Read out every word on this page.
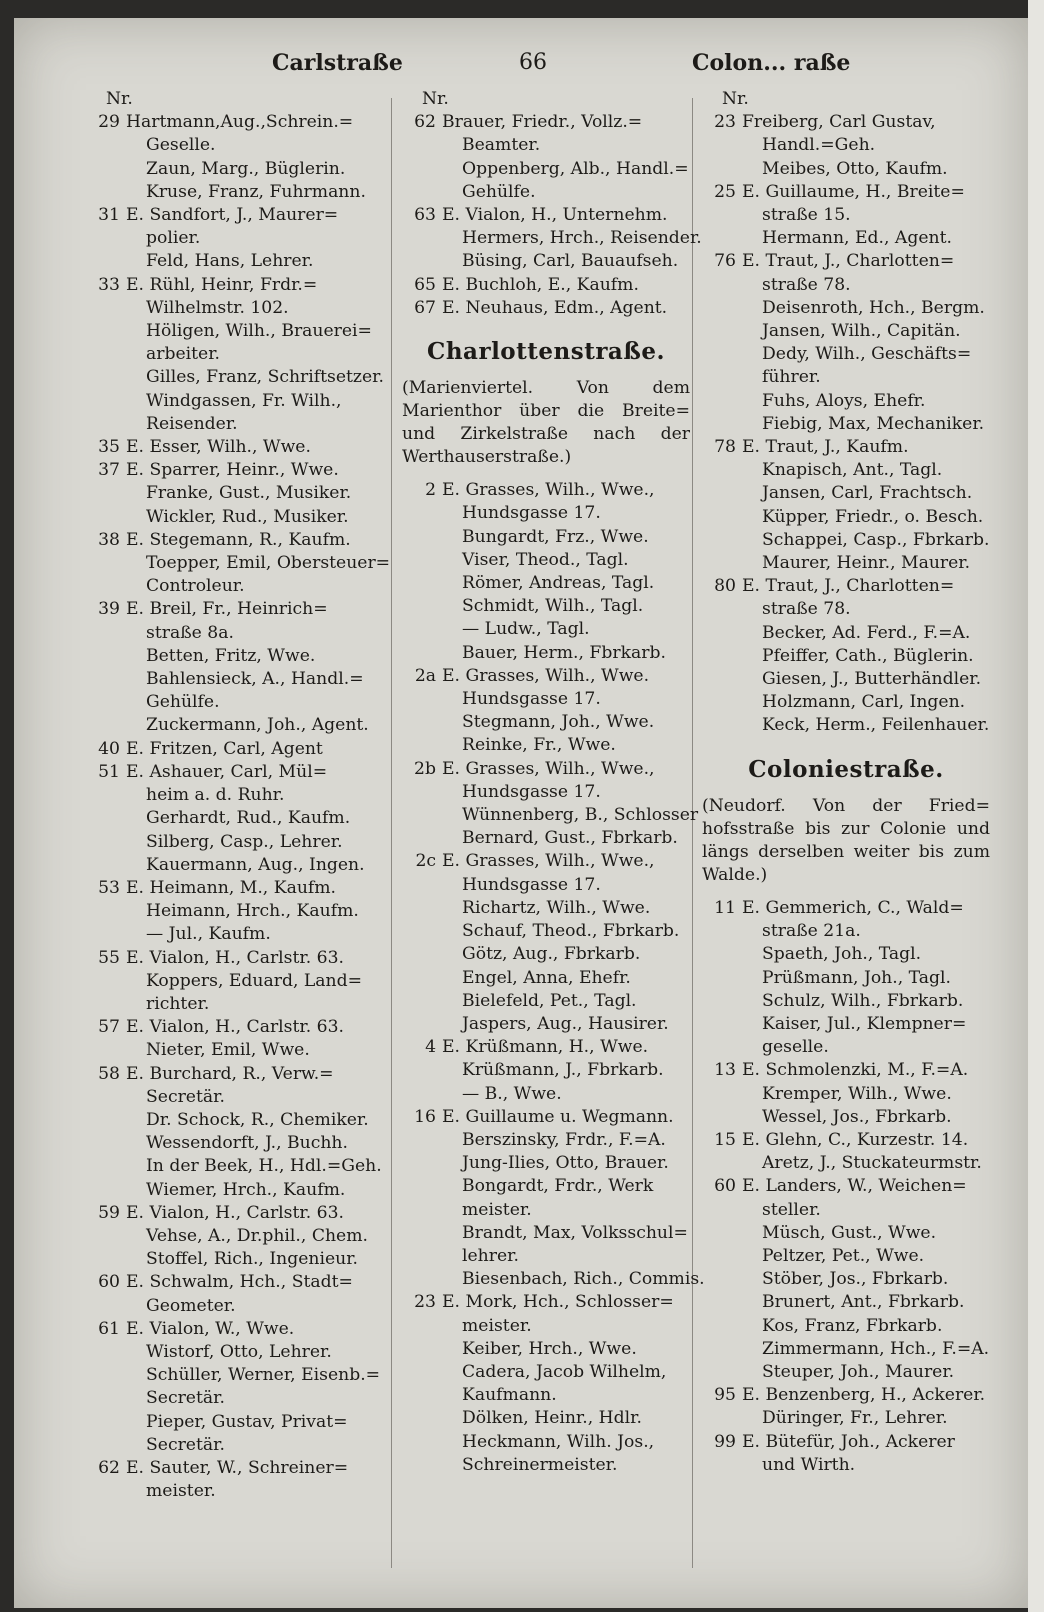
Carlstraße	66	Colon... raße
Nr.
29 Hartmann,Aug.,Schrein.=
Geselle.
Zaun, Marg., Büglerin.
Kruse, Franz, Fuhrmann.
31 E. Sandfort, J., Maurer=
polier.
Feld, Hans, Lehrer.
33 E. Rühl, Heinr, Frdr.=
Wilhelmstr. 102.
Höligen, Wilh., Brauerei=
arbeiter.
Gilles, Franz, Schriftsetzer.
Windgassen, Fr. Wilh.,
Reisender.
35 E. Esser, Wilh., Wwe.
37 E. Sparrer, Heinr., Wwe.
Franke, Gust., Musiker.
Wickler, Rud., Musiker.
38 E. Stegemann, R., Kaufm.
Toepper, Emil, Obersteuer=
Controleur.
39 E. Breil, Fr., Heinrich=
straße 8a.
Betten, Fritz, Wwe.
Bahlensieck, A., Handl.=
Gehülfe.
Zuckermann, Joh., Agent.
40 E. Fritzen, Carl, Agent
51 E. Ashauer, Carl, Mül=
heim a. d. Ruhr.
Gerhardt, Rud., Kaufm.
Silberg, Casp., Lehrer.
Kauermann, Aug., Ingen.
53 E. Heimann, M., Kaufm.
Heimann, Hrch., Kaufm.
— Jul., Kaufm.
55 E. Vialon, H., Carlstr. 63.
Koppers, Eduard, Land=
richter.
57 E. Vialon, H., Carlstr. 63.
Nieter, Emil, Wwe.
58 E. Burchard, R., Verw.=
Secretär.
Dr. Schock, R., Chemiker.
Wessendorft, J., Buchh.
In der Beek, H., Hdl.=Geh.
Wiemer, Hrch., Kaufm.
59 E. Vialon, H., Carlstr. 63.
Vehse, A., Dr.phil., Chem.
Stoffel, Rich., Ingenieur.
60 E. Schwalm, Hch., Stadt=
Geometer.
61 E. Vialon, W., Wwe.
Wistorf, Otto, Lehrer.
Schüller, Werner, Eisenb.=
Secretär.
Pieper, Gustav, Privat=
Secretär.
62 E. Sauter, W., Schreiner=
meister.
Nr.
62 Brauer, Friedr., Vollz.=
Beamter.
Oppenberg, Alb., Handl.=
Gehülfe.
63 E. Vialon, H., Unternehm.
Hermers, Hrch., Reisender.
Büsing, Carl, Bauaufseh.
65 E. Buchloh, E., Kaufm.
67 E. Neuhaus, Edm., Agent.
Charlottenstraße.
(Marienviertel. Von dem Marienthor über die Breite= und Zirkelstraße nach der Werthauserstraße.)
2 E. Grasses, Wilh., Wwe.,
Hundsgasse 17.
Bungardt, Frz., Wwe.
Viser, Theod., Tagl.
Römer, Andreas, Tagl.
Schmidt, Wilh., Tagl.
— Ludw., Tagl.
Bauer, Herm., Fbrkarb.
2a E. Grasses, Wilh., Wwe.
Hundsgasse 17.
Stegmann, Joh., Wwe.
Reinke, Fr., Wwe.
2b E. Grasses, Wilh., Wwe.,
Hundsgasse 17.
Wünnenberg, B., Schlosser
Bernard, Gust., Fbrkarb.
2c E. Grasses, Wilh., Wwe.,
Hundsgasse 17.
Richartz, Wilh., Wwe.
Schauf, Theod., Fbrkarb.
Götz, Aug., Fbrkarb.
Engel, Anna, Ehefr.
Bielefeld, Pet., Tagl.
Jaspers, Aug., Hausirer.
4 E. Krüßmann, H., Wwe.
Krüßmann, J., Fbrkarb.
— B., Wwe.
16 E. Guillaume u. Wegmann.
Berszinsky, Frdr., F.=A.
Jung-Ilies, Otto, Brauer.
Bongardt, Frdr., Werk
meister.
Brandt, Max, Volksschul=
lehrer.
Biesenbach, Rich., Commis.
23 E. Mork, Hch., Schlosser=
meister.
Keiber, Hrch., Wwe.
Cadera, Jacob Wilhelm,
Kaufmann.
Dölken, Heinr., Hdlr.
Heckmann, Wilh. Jos.,
Schreinermeister.
Nr.
23 Freiberg, Carl Gustav,
Handl.=Geh.
Meibes, Otto, Kaufm.
25 E. Guillaume, H., Breite=
straße 15.
Hermann, Ed., Agent.
76 E. Traut, J., Charlotten=
straße 78.
Deisenroth, Hch., Bergm.
Jansen, Wilh., Capitän.
Dedy, Wilh., Geschäfts=
führer.
Fuhs, Aloys, Ehefr.
Fiebig, Max, Mechaniker.
78 E. Traut, J., Kaufm.
Knapisch, Ant., Tagl.
Jansen, Carl, Frachtsch.
Küpper, Friedr., o. Besch.
Schappei, Casp., Fbrkarb.
Maurer, Heinr., Maurer.
80 E. Traut, J., Charlotten=
straße 78.
Becker, Ad. Ferd., F.=A.
Pfeiffer, Cath., Büglerin.
Giesen, J., Butterhändler.
Holzmann, Carl, Ingen.
Keck, Herm., Feilenhauer.
Coloniestraße.
(Neudorf. Von der Fried= hofsstraße bis zur Colonie und längs derselben weiter bis zum Walde.)
11 E. Gemmerich, C., Wald=
straße 21a.
Spaeth, Joh., Tagl.
Prüßmann, Joh., Tagl.
Schulz, Wilh., Fbrkarb.
Kaiser, Jul., Klempner=
geselle.
13 E. Schmolenzki, M., F.=A.
Kremper, Wilh., Wwe.
Wessel, Jos., Fbrkarb.
15 E. Glehn, C., Kurzestr. 14.
Aretz, J., Stuckateurmstr.
60 E. Landers, W., Weichen=
steller.
Müsch, Gust., Wwe.
Peltzer, Pet., Wwe.
Stöber, Jos., Fbrkarb.
Brunert, Ant., Fbrkarb.
Kos, Franz, Fbrkarb.
Zimmermann, Hch., F.=A.
Steuper, Joh., Maurer.
95 E. Benzenberg, H., Ackerer.
Düringer, Fr., Lehrer.
99 E. Bütefür, Joh., Ackerer
und Wirth.
